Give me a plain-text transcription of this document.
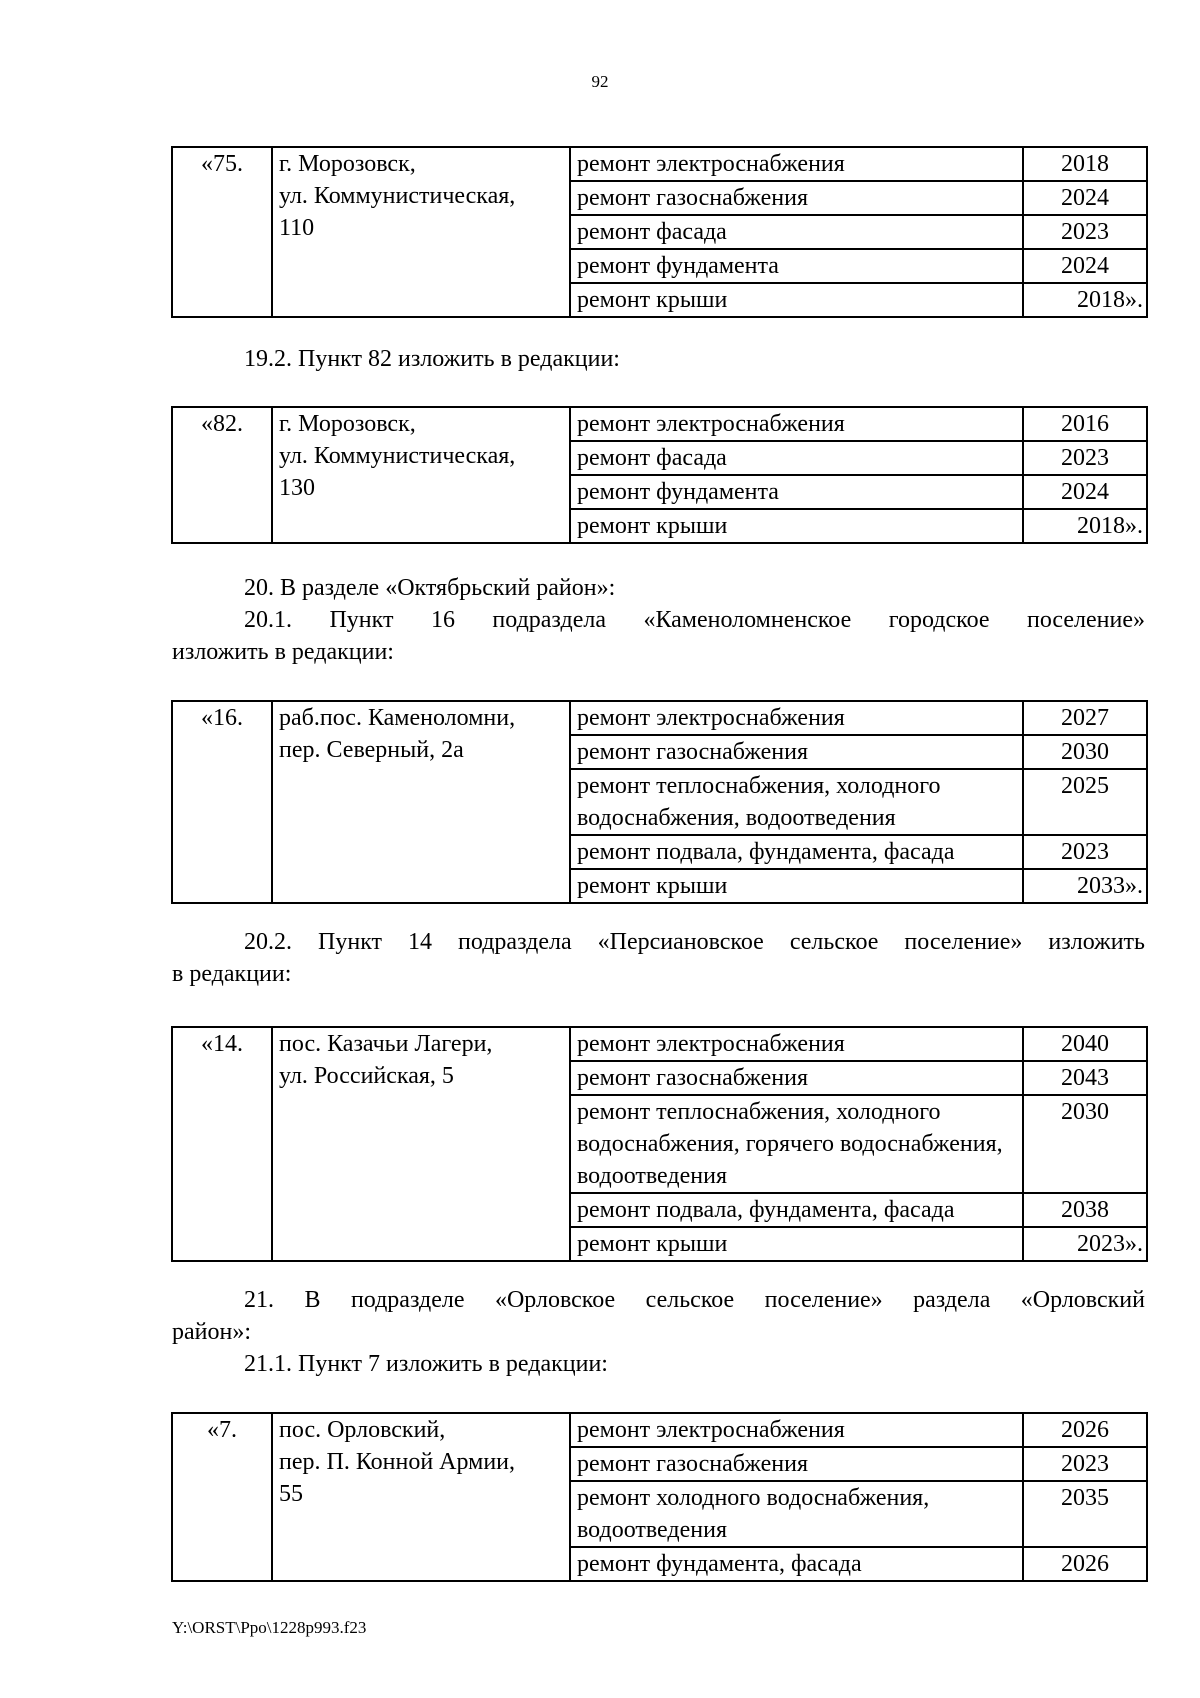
92
«75.	г. Морозовск,
ул. Коммунистическая,
110	ремонт электроснабжения	2018
		ремонт газоснабжения	2024
		ремонт фасада	2023
		ремонт фундамента	2024
		ремонт крыши	2018».

19.2. Пункт 82 изложить в редакции:

«82.	г. Морозовск,
ул. Коммунистическая,
130	ремонт электроснабжения	2016
		ремонт фасада	2023
		ремонт фундамента	2024
		ремонт крыши	2018».

20. В разделе «Октябрьский район»:

20.1. Пункт 16 подраздела «Каменоломненское городское поселение»

изложить в редакции:

«16.	раб.пос. Каменоломни,
пер. Северный, 2а	ремонт электроснабжения	2027
		ремонт газоснабжения	2030
		ремонт теплоснабжения, холодного водоснабжения, водоотведения	2025
		ремонт подвала, фундамента, фасада	2023
		ремонт крыши	2033».

20.2. Пункт 14 подраздела «Персиановское сельское поселение» изложить

в редакции:

«14.	пос. Казачьи Лагери,
ул. Российская, 5	ремонт электроснабжения	2040
		ремонт газоснабжения	2043
		ремонт теплоснабжения, холодного водоснабжения, горячего водоснабжения, водоотведения	2030
		ремонт подвала, фундамента, фасада	2038
		ремонт крыши	2023».

21. В подразделе «Орловское сельское поселение» раздела «Орловский

район»:

21.1. Пункт 7 изложить в редакции:

«7.	пос. Орловский,
пер. П. Конной Армии,
55	ремонт электроснабжения	2026
		ремонт газоснабжения	2023
		ремонт холодного водоснабжения, водоотведения	2035
		ремонт фундамента, фасада	2026
Y:\ORST\Ppo\1228p993.f23
